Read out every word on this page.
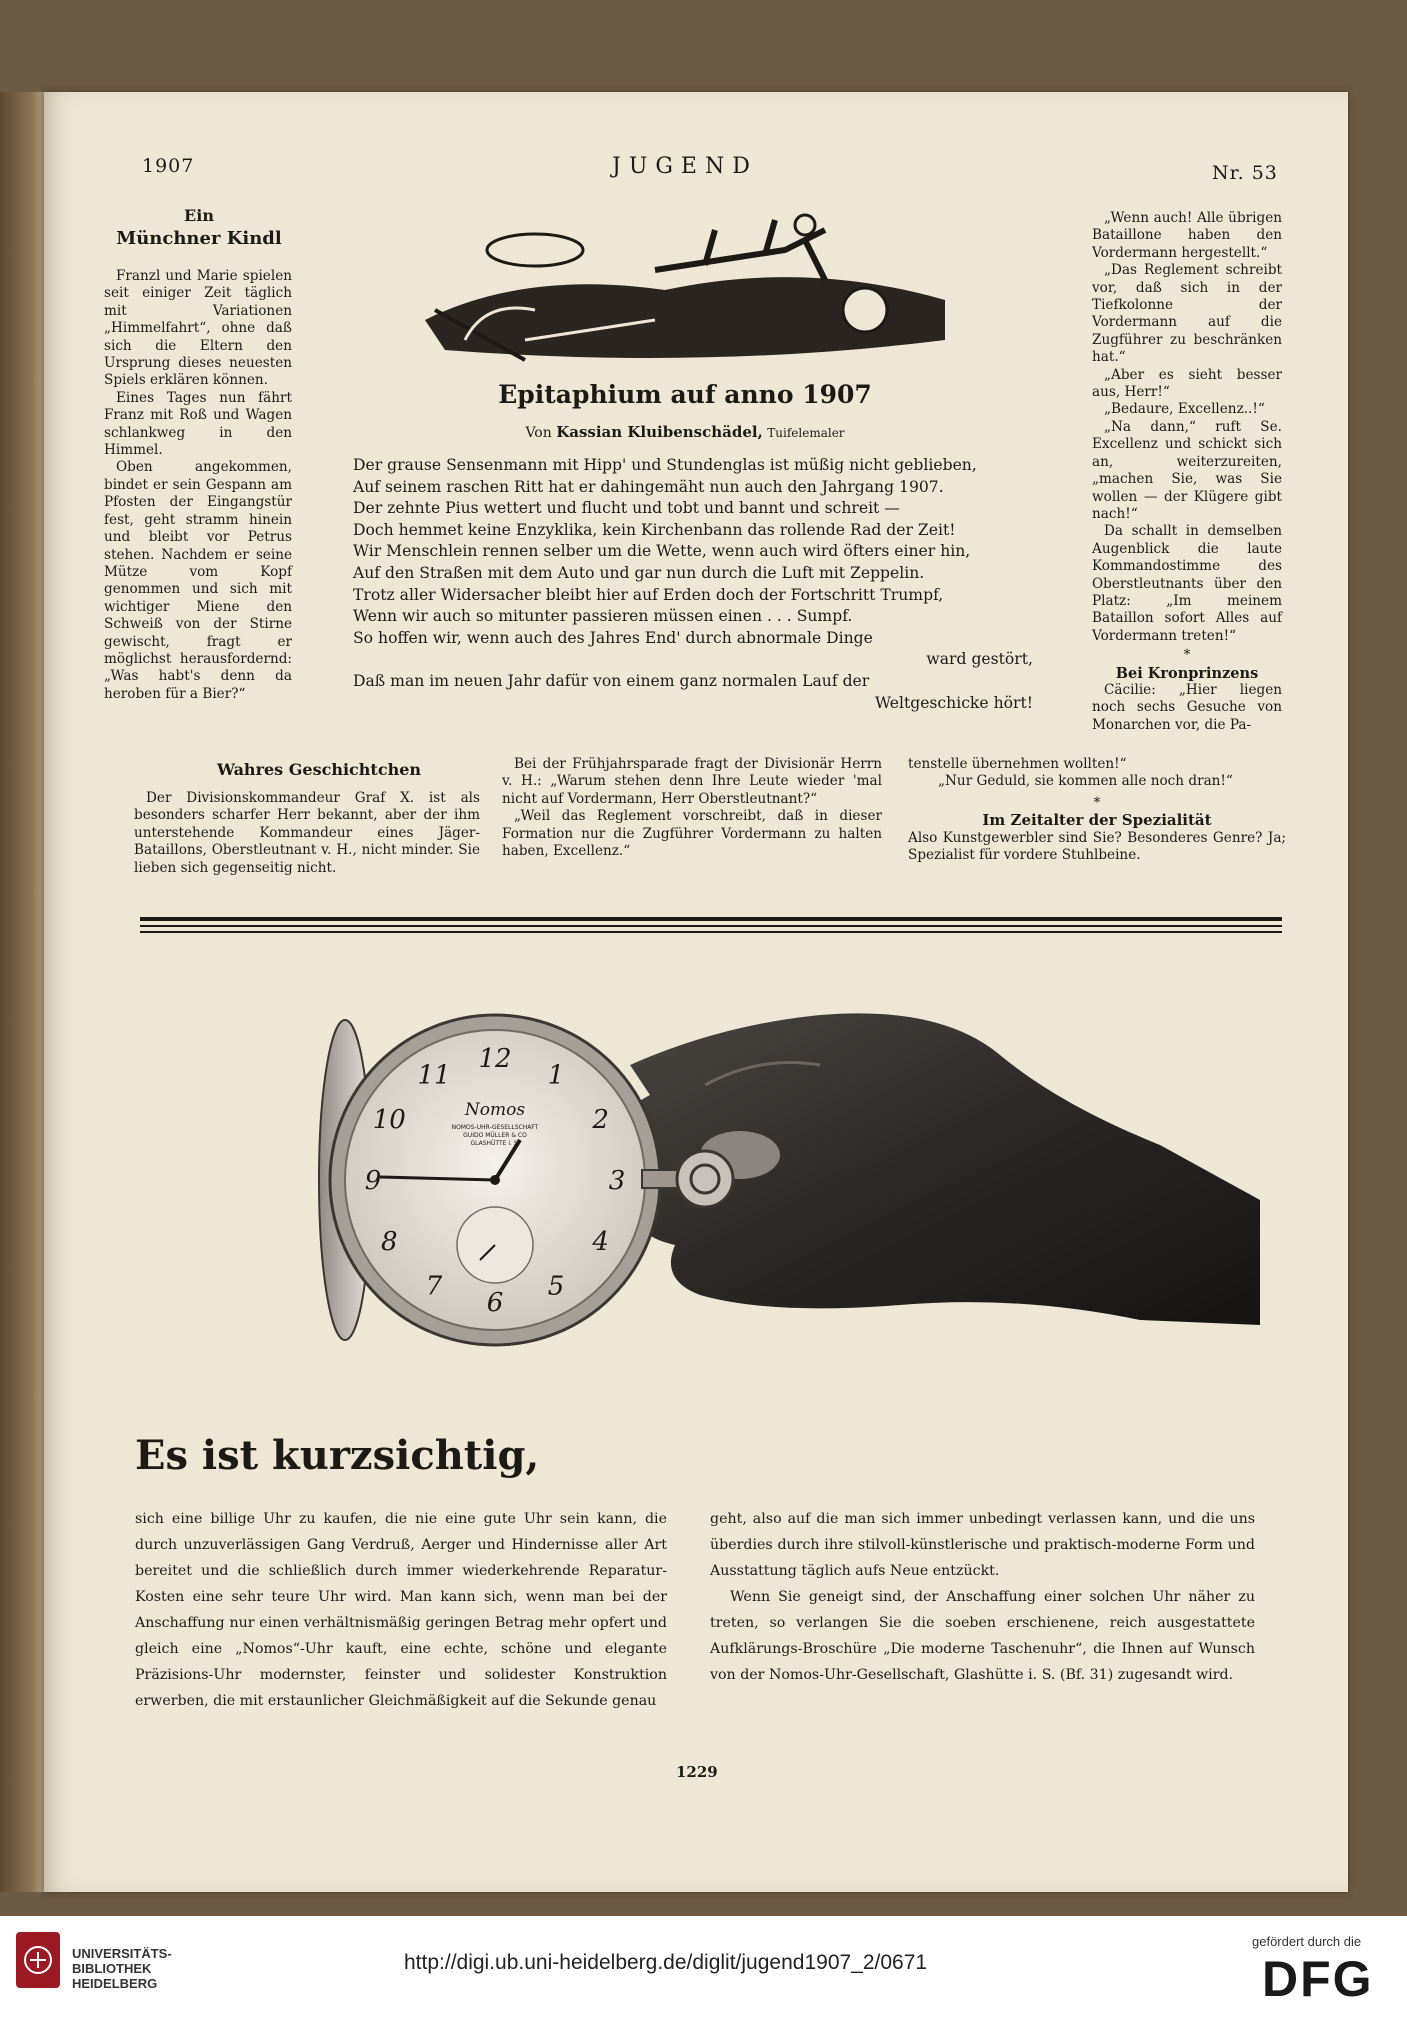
1907	JUGEND	Nr. 53
Ein
Münchner Kindl

Franzl und Marie spielen seit einiger Zeit täglich mit Variationen „Himmelfahrt“, ohne daß sich die Eltern den Ursprung dieses neuesten Spiels erklären können.

Eines Tages nun fährt Franz mit Roß und Wagen schlankweg in den Himmel.

Oben angekommen, bindet er sein Gespann am Pfosten der Eingangstür fest, geht stramm hinein und bleibt vor Petrus stehen. Nachdem er seine Mütze vom Kopf genommen und sich mit wichtiger Miene den Schweiß von der Stirne gewischt, fragt er möglichst herausfordernd: „Was habt's denn da heroben für a Bier?“

Epitaphium auf anno 1907
Von Kassian Kluibenschädel, Tuifelemaler
Der grause Sensenmann mit Hipp' und Stundenglas ist müßig nicht geblieben,
Auf seinem raschen Ritt hat er dahingemäht nun auch den Jahrgang 1907.
Der zehnte Pius wettert und flucht und tobt und bannt und schreit —
Doch hemmet keine Enzyklika, kein Kirchenbann das rollende Rad der Zeit!
Wir Menschlein rennen selber um die Wette, wenn auch wird öfters einer hin,
Auf den Straßen mit dem Auto und gar nun durch die Luft mit Zeppelin.
Trotz aller Widersacher bleibt hier auf Erden doch der Fortschritt Trumpf,
Wenn wir auch so mitunter passieren müssen einen . . . Sumpf.
So hoffen wir, wenn auch des Jahres End' durch abnormale Dinge
ward gestört,
Daß man im neuen Jahr dafür von einem ganz normalen Lauf der
Weltgeschicke hört!

„Wenn auch! Alle übrigen Bataillone haben den Vordermann hergestellt.“

„Das Reglement schreibt vor, daß sich in der Tiefkolonne der Vordermann auf die Zugführer zu beschränken hat.“

„Aber es sieht besser aus, Herr!“

„Bedaure, Excellenz..!“

„Na dann,“ ruft Se. Excellenz und schickt sich an, weiterzureiten, „machen Sie, was Sie wollen — der Klügere gibt nach!“

Da schallt in demselben Augenblick die laute Kommandostimme des Oberstleutnants über den Platz: „Im meinem Bataillon sofort Alles auf Vordermann treten!“

*

Bei Kronprinzens

Cäcilie: „Hier liegen noch sechs Gesuche von Monarchen vor, die Pa-

Wahres Geschichtchen

Der Divisionskommandeur Graf X. ist als besonders scharfer Herr bekannt, aber der ihm unterstehende Kommandeur eines Jäger-Bataillons, Oberstleutnant v. H., nicht minder. Sie lieben sich gegenseitig nicht.

Bei der Frühjahrsparade fragt der Divisionär Herrn v. H.: „Warum stehen denn Ihre Leute wieder 'mal nicht auf Vordermann, Herr Oberstleutnant?“

„Weil das Reglement vorschreibt, daß in dieser Formation nur die Zugführer Vordermann zu halten haben, Excellenz.“

tenstelle übernehmen wollten!“

„Nur Geduld, sie kommen alle noch dran!“

*

Im Zeitalter der Spezialität

Also Kunstgewerbler sind Sie? Besonderes Genre? Ja; Spezialist für vordere Stuhlbeine.

12
1
2
3
4
5
6
7
8
9
10
11
Nomos
NOMOS-UHR-GESELLSCHAFT
GUIDO MÜLLER & CO
GLASHÜTTE i. S.
Es ist kurzsichtig,

sich eine billige Uhr zu kaufen, die nie eine gute Uhr sein kann, die durch unzuverlässigen Gang Verdruß, Aerger und Hindernisse aller Art bereitet und die schließlich durch immer wiederkehrende Reparatur-Kosten eine sehr teure Uhr wird. Man kann sich, wenn man bei der Anschaffung nur einen verhältnismäßig geringen Betrag mehr opfert und gleich eine „Nomos“-Uhr kauft, eine echte, schöne und elegante Präzisions-Uhr modernster, feinster und solidester Konstruktion erwerben, die mit erstaunlicher Gleichmäßigkeit auf die Sekunde genau

geht, also auf die man sich immer unbedingt verlassen kann, und die uns überdies durch ihre stilvoll-künstlerische und praktisch-moderne Form und Ausstattung täglich aufs Neue entzückt.

Wenn Sie geneigt sind, der Anschaffung einer solchen Uhr näher zu treten, so verlangen Sie die soeben erschienene, reich ausgestattete Aufklärungs-Broschüre „Die moderne Taschenuhr“, die Ihnen auf Wunsch von der Nomos-Uhr-Gesellschaft, Glashütte i. S. (Bf. 31) zugesandt wird.

1229
UNIVERSITÄTS-
BIBLIOTHEK
HEIDELBERG
http://digi.ub.uni-heidelberg.de/diglit/jugend1907_2/0671
gefördert durch die
DFG
